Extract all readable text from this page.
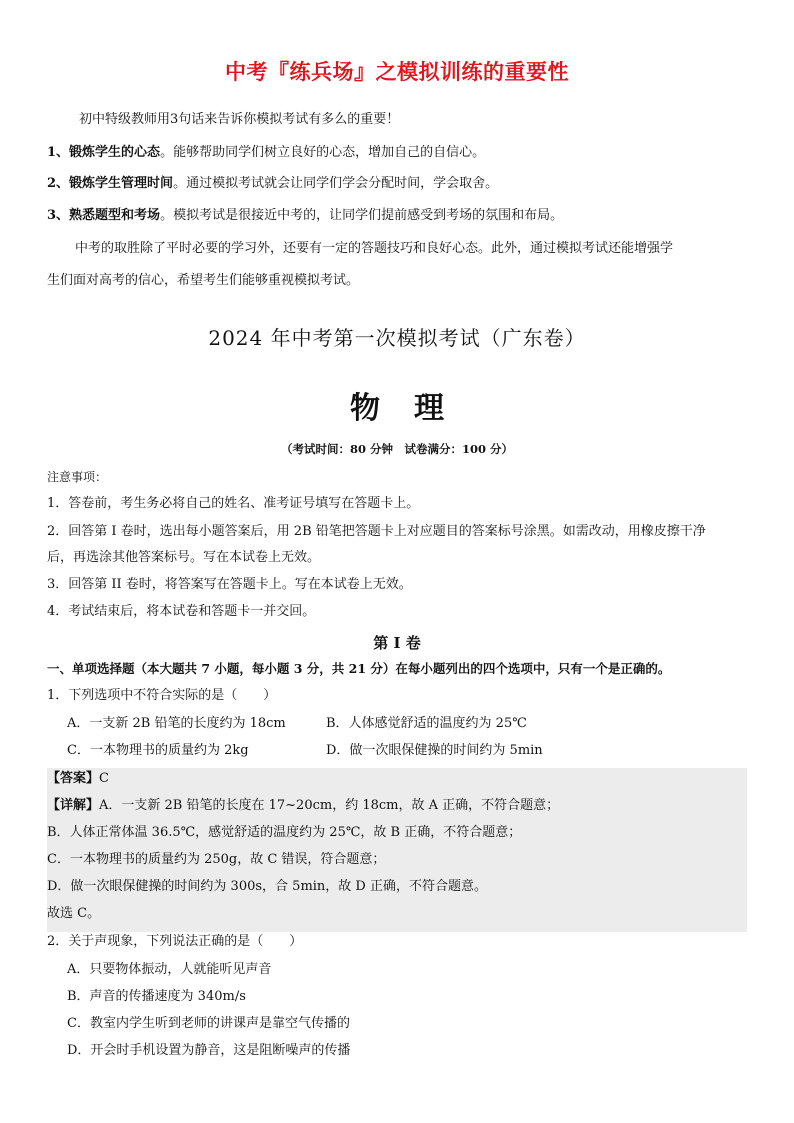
中考『练兵场』之模拟训练的重要性
初中特级教师用3句话来告诉你模拟考试有多么的重要！
1、锻炼学生的心态。能够帮助同学们树立良好的心态，增加自己的自信心。
2、锻炼学生管理时间。通过模拟考试就会让同学们学会分配时间，学会取舍。
3、熟悉题型和考场。模拟考试是很接近中考的，让同学们提前感受到考场的氛围和布局。
中考的取胜除了平时必要的学习外，还要有一定的答题技巧和良好心态。此外，通过模拟考试还能增强学
生们面对高考的信心，希望考生们能够重视模拟考试。
2024 年中考第一次模拟考试（广东卷）
物理
（考试时间：80 分钟　试卷满分：100 分）
注意事项：
1．答卷前，考生务必将自己的姓名、准考证号填写在答题卡上。
2．回答第 I 卷时，选出每小题答案后，用 2B 铅笔把答题卡上对应题目的答案标号涂黑。如需改动，用橡皮擦干净
后，再选涂其他答案标号。写在本试卷上无效。
3．回答第 II 卷时，将答案写在答题卡上。写在本试卷上无效。
4．考试结束后，将本试卷和答题卡一并交回。
第 I 卷
一、单项选择题（本大题共 7 小题，每小题 3 分，共 21 分）在每小题列出的四个选项中，只有一个是正确的。
1．下列选项中不符合实际的是（　　）
A．一支新 2B 铅笔的长度约为 18cm	B．人体感觉舒适的温度约为 25℃
C．一本物理书的质量约为 2kg	D．做一次眼保健操的时间约为 5min
【答案】C
【详解】A．一支新 2B 铅笔的长度在 17~20cm，约 18cm，故 A 正确，不符合题意；
B．人体正常体温 36.5℃，感觉舒适的温度约为 25℃，故 B 正确，不符合题意；
C．一本物理书的质量约为 250g，故 C 错误，符合题意；
D．做一次眼保健操的时间约为 300s，合 5min，故 D 正确，不符合题意。
故选 C。
2．关于声现象，下列说法正确的是（　　）
A．只要物体振动，人就能听见声音
B．声音的传播速度为 340m/s
C．教室内学生听到老师的讲课声是靠空气传播的
D．开会时手机设置为静音，这是阻断噪声的传播
